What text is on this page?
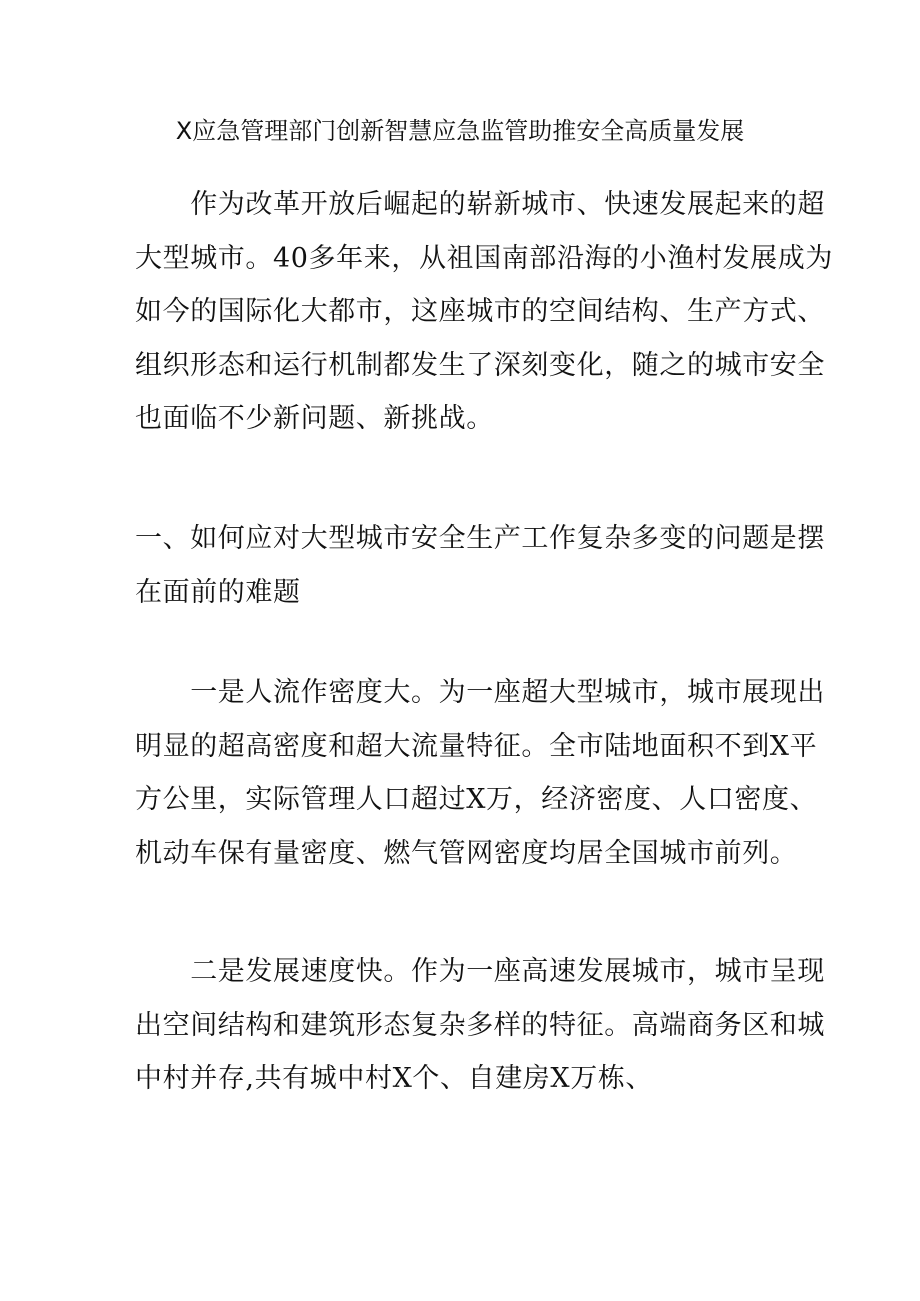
X应急管理部门创新智慧应急监管助推安全高质量发展
　　作为改革开放后崛起的崭新城市、快速发展起来的超
大型城市。40多年来，从祖国南部沿海的小渔村发展成为
如今的国际化大都市，这座城市的空间结构、生产方式、
组织形态和运行机制都发生了深刻变化，随之的城市安全
也面临不少新问题、新挑战。
一、如何应对大型城市安全生产工作复杂多变的问题是摆
在面前的难题
　　一是人流作密度大。为一座超大型城市，城市展现出
明显的超高密度和超大流量特征。全市陆地面积不到X平
方公里，实际管理人口超过X万，经济密度、人口密度、
机动车保有量密度、燃气管网密度均居全国城市前列。
　　二是发展速度快。作为一座高速发展城市，城市呈现
出空间结构和建筑形态复杂多样的特征。高端商务区和城
中村并存,共有城中村X个、自建房X万栋、
